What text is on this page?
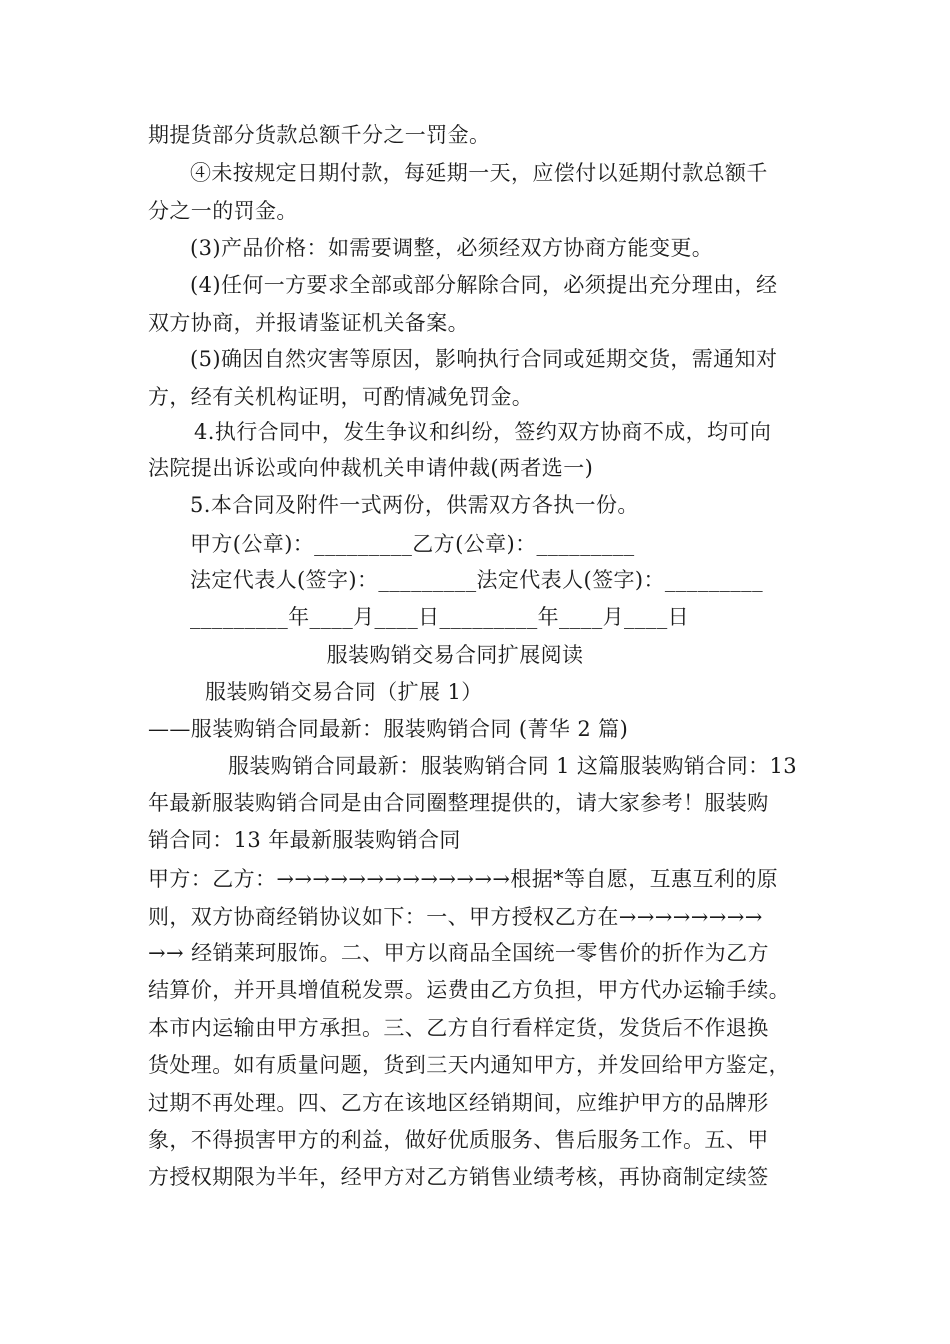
期提货部分货款总额千分之一罚金。
④未按规定日期付款，每延期一天，应偿付以延期付款总额千
分之一的罚金。
(3)产品价格：如需要调整，必须经双方协商方能变更。
(4)任何一方要求全部或部分解除合同，必须提出充分理由，经
双方协商，并报请鉴证机关备案。
(5)确因自然灾害等原因，影响执行合同或延期交货，需通知对
方，经有关机构证明，可酌情减免罚金。
4.执行合同中，发生争议和纠纷，签约双方协商不成，均可向
法院提出诉讼或向仲裁机关申请仲裁(两者选一)
5.本合同及附件一式两份，供需双方各执一份。
甲方(公章)：_________乙方(公章)：_________
法定代表人(签字)：_________法定代表人(签字)：_________
_________年____月____日_________年____月____日
服装购销交易合同扩展阅读
服装购销交易合同（扩展 1）
——服装购销合同最新：服装购销合同 (菁华 2 篇)
服装购销合同最新：服装购销合同 1 这篇服装购销合同：13
年最新服装购销合同是由合同圈整理提供的，请大家参考！服装购
销合同：13 年最新服装购销合同
甲方：乙方：→→→→→→→→→→→→→根据*等自愿，互惠互利的原
则，双方协商经销协议如下：一、甲方授权乙方在→→→→→→→→
→→ 经销莱珂服饰。二、甲方以商品全国统一零售价的折作为乙方
结算价，并开具增值税发票。运费由乙方负担，甲方代办运输手续。
本市内运输由甲方承担。三、乙方自行看样定货，发货后不作退换
货处理。如有质量问题，货到三天内通知甲方，并发回给甲方鉴定，
过期不再处理。四、乙方在该地区经销期间，应维护甲方的品牌形
象，不得损害甲方的利益，做好优质服务、售后服务工作。五、甲
方授权期限为半年，经甲方对乙方销售业绩考核，再协商制定续签
